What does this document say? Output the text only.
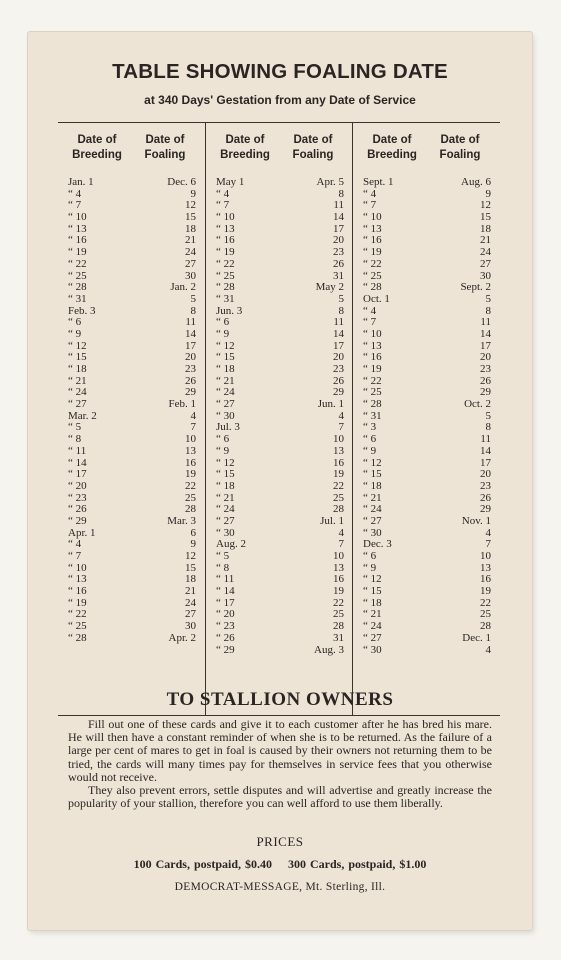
TABLE SHOWING FOALING DATE
at 340 Days' Gestation from any Date of Service
Date of
Breeding
Date of
Foaling
Jan. 1	Dec. 6
“ 4	9
“ 7	12
“ 10	15
“ 13	18
“ 16	21
“ 19	24
“ 22	27
“ 25	30
“ 28	Jan. 2
“ 31	5
Feb. 3	8
“ 6	11
“ 9	14
“ 12	17
“ 15	20
“ 18	23
“ 21	26
“ 24	29
“ 27	Feb. 1
Mar. 2	4
“ 5	7
“ 8	10
“ 11	13
“ 14	16
“ 17	19
“ 20	22
“ 23	25
“ 26	28
“ 29	Mar. 3
Apr. 1	6
“ 4	9
“ 7	12
“ 10	15
“ 13	18
“ 16	21
“ 19	24
“ 22	27
“ 25	30
“ 28	Apr. 2
Date of
Breeding
Date of
Foaling
May 1	Apr. 5
“ 4	8
“ 7	11
“ 10	14
“ 13	17
“ 16	20
“ 19	23
“ 22	26
“ 25	31
“ 28	May 2
“ 31	5
Jun. 3	8
“ 6	11
“ 9	14
“ 12	17
“ 15	20
“ 18	23
“ 21	26
“ 24	29
“ 27	Jun. 1
“ 30	4
Jul. 3	7
“ 6	10
“ 9	13
“ 12	16
“ 15	19
“ 18	22
“ 21	25
“ 24	28
“ 27	Jul. 1
“ 30	4
Aug. 2	7
“ 5	10
“ 8	13
“ 11	16
“ 14	19
“ 17	22
“ 20	25
“ 23	28
“ 26	31
“ 29	Aug. 3
Date of
Breeding
Date of
Foaling
Sept. 1	Aug. 6
“ 4	9
“ 7	12
“ 10	15
“ 13	18
“ 16	21
“ 19	24
“ 22	27
“ 25	30
“ 28	Sept. 2
Oct. 1	5
“ 4	8
“ 7	11
“ 10	14
“ 13	17
“ 16	20
“ 19	23
“ 22	26
“ 25	29
“ 28	Oct. 2
“ 31	5
“ 3	8
“ 6	11
“ 9	14
“ 12	17
“ 15	20
“ 18	23
“ 21	26
“ 24	29
“ 27	Nov. 1
“ 30	4
Dec. 3	7
“ 6	10
“ 9	13
“ 12	16
“ 15	19
“ 18	22
“ 21	25
“ 24	28
“ 27	Dec. 1
“ 30	4
TO STALLION OWNERS

Fill out one of these cards and give it to each customer after he has bred his mare. He will then have a constant reminder of when she is to be returned. As the failure of a large per cent of mares to get in foal is caused by their owners not returning them to be tried, the cards will many times pay for themselves in service fees that you otherwise would not receive.

They also prevent errors, settle disputes and will advertise and greatly increase the popularity of your stallion, therefore you can well afford to use them liberally.

PRICES
100 Cards, postpaid, $0.40 300 Cards, postpaid, $1.00
DEMOCRAT-MESSAGE, Mt. Sterling, Ill.
